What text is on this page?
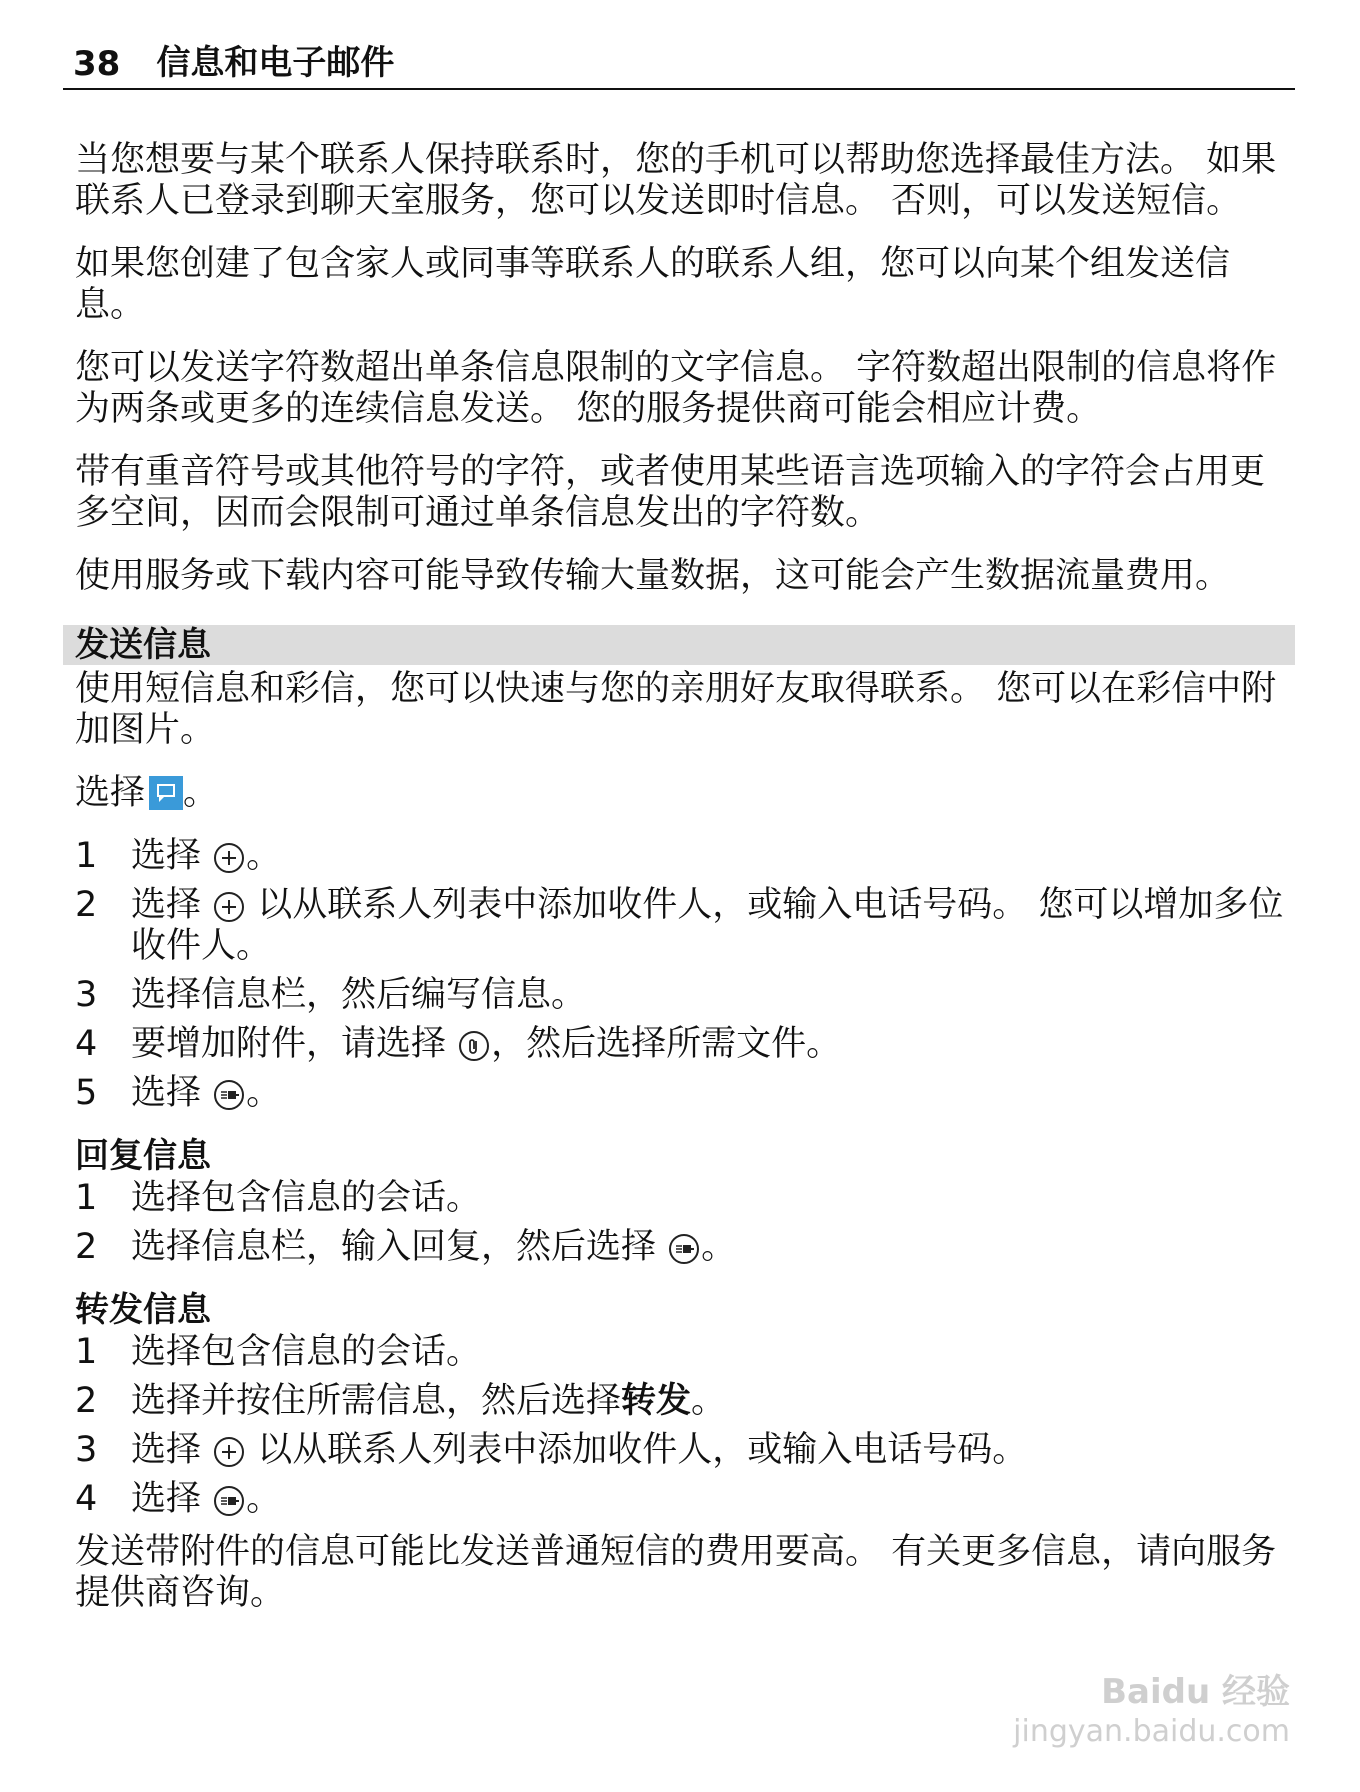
38 信息和电子邮件

当您想要与某个联系人保持联系时，您的手机可以帮助您选择最佳方法。 如果联系人已登录到聊天室服务，您可以发送即时信息。 否则，可以发送短信。

如果您创建了包含家人或同事等联系人的联系人组，您可以向某个组发送信息。

您可以发送字符数超出单条信息限制的文字信息。 字符数超出限制的信息将作为两条或更多的连续信息发送。 您的服务提供商可能会相应计费。

带有重音符号或其他符号的字符，或者使用某些语言选项输入的字符会占用更多空间，因而会限制可通过单条信息发出的字符数。

使用服务或下载内容可能导致传输大量数据，这可能会产生数据流量费用。

发送信息

使用短信息和彩信，您可以快速与您的亲朋好友取得联系。 您可以在彩信中附加图片。

选择 。

1 选择 。
2 选择  以从联系人列表中添加收件人，或输入电话号码。 您可以增加多位收件人。
3 选择信息栏，然后编写信息。
4 要增加附件，请选择
，然后选择所需文件。
5 选择
。
回复信息
1 选择包含信息的会话。
2 选择信息栏，输入回复，然后选择
。
转发信息
1 选择包含信息的会话。
2 选择并按住所需信息，然后选择转发。
3 选择  以从联系人列表中添加收件人，或输入电话号码。
4 选择
。

发送带附件的信息可能比发送普通短信的费用要高。 有关更多信息，请向服务提供商咨询。

Baidu 经验
jingyan.baidu.com
